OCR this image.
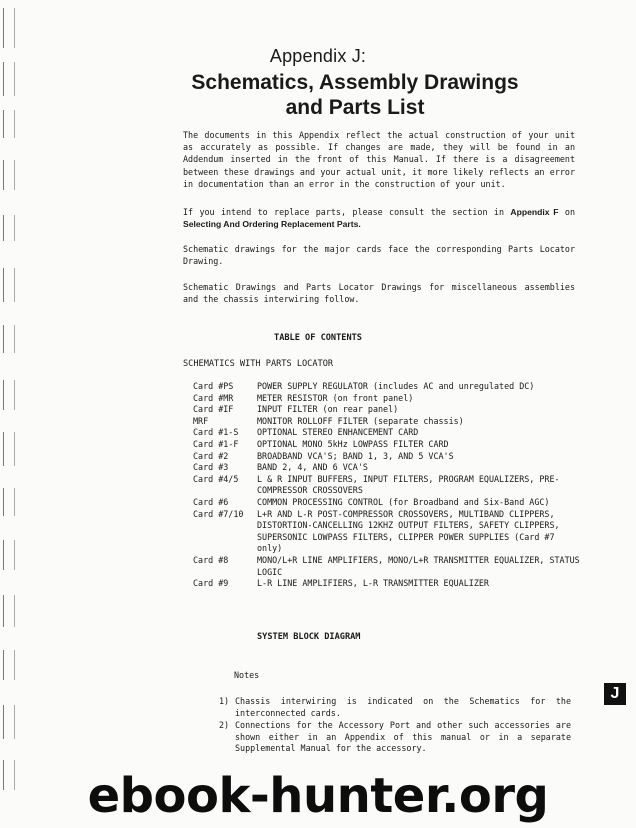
Appendix J:
Schematics, Assembly Drawings
and Parts List
The documents in this Appendix reflect the actual construction of your unit as accurately as possible. If changes are made, they will be found in an Addendum inserted in the front of this Manual. If there is a disagreement between these drawings and your actual unit, it more likely reflects an error in documentation than an error in the construction of your unit.
If you intend to replace parts, please consult the section in Appendix F on Selecting And Ordering Replacement Parts.
Schematic drawings for the major cards face the corresponding Parts Locator Drawing.
Schematic Drawings and Parts Locator Drawings for miscellaneous assemblies and the chassis interwiring follow.
TABLE OF CONTENTS
SCHEMATICS WITH PARTS LOCATOR
Card #PS	POWER SUPPLY REGULATOR (includes AC and unregulated DC)
Card #MR	METER RESISTOR (on front panel)
Card #IF	INPUT FILTER (on rear panel)
MRF	MONITOR ROLLOFF FILTER (separate chassis)
Card #1-S	OPTIONAL STEREO ENHANCEMENT CARD
Card #1-F	OPTIONAL MONO 5kHz LOWPASS FILTER CARD
Card #2	BROADBAND VCA'S; BAND 1, 3, AND 5 VCA'S
Card #3	BAND 2, 4, AND 6 VCA'S
Card #4/5	L & R INPUT BUFFERS, INPUT FILTERS, PROGRAM EQUALIZERS, PRE-COMPRESSOR CROSSOVERS
Card #6	COMMON PROCESSING CONTROL (for Broadband and Six-Band AGC)
Card #7/10	L+R AND L-R POST-COMPRESSOR CROSSOVERS, MULTIBAND CLIPPERS, DISTORTION-CANCELLING 12KHZ OUTPUT FILTERS, SAFETY CLIPPERS, SUPERSONIC LOWPASS FILTERS, CLIPPER POWER SUPPLIES (Card #7 only)
Card #8	MONO/L+R LINE AMPLIFIERS, MONO/L+R TRANSMITTER EQUALIZER, STATUS LOGIC
Card #9	L-R LINE AMPLIFIERS, L-R TRANSMITTER EQUALIZER
SYSTEM BLOCK DIAGRAM
Notes
1) Chassis interwiring is indicated on the Schematics for the interconnected cards.
2) Connections for the Accessory Port and other such accessories are shown either in an Appendix of this manual or in a separate Supplemental Manual for the accessory.
J
ebook-hunter.org
